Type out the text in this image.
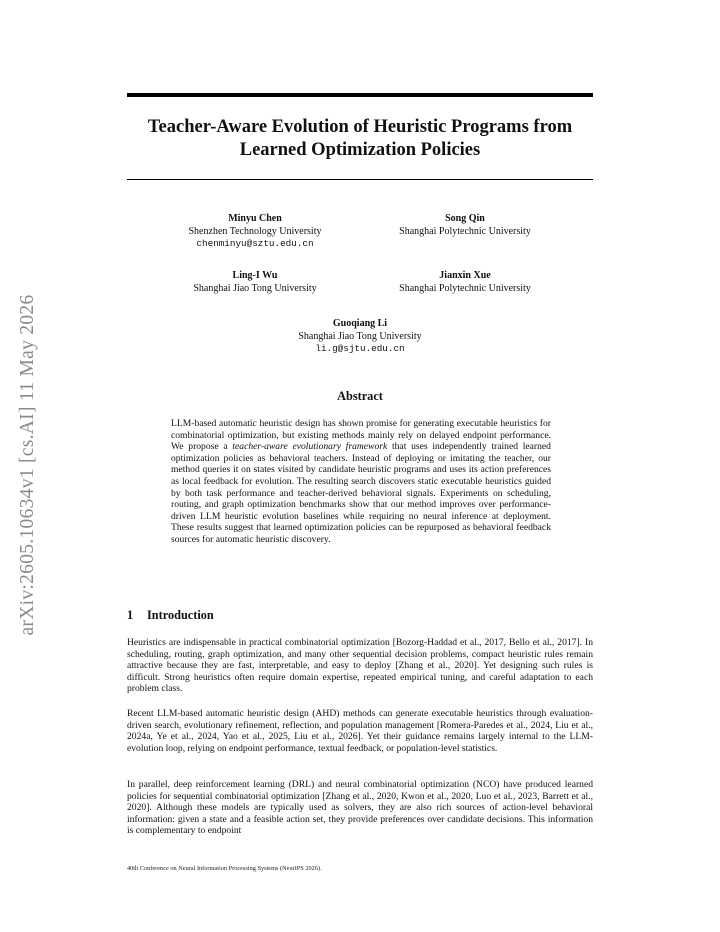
arXiv:2605.10634v1 [cs.AI] 11 May 2026
Teacher-Aware Evolution of Heuristic Programs from
Learned Optimization Policies
Minyu Chen
Shenzhen Technology University
chenminyu@sztu.edu.cn
Song Qin
Shanghai Polytechnic University
Ling-I Wu
Shanghai Jiao Tong University
Jianxin Xue
Shanghai Polytechnic University
Guoqiang Li
Shanghai Jiao Tong University
li.g@sjtu.edu.cn
Abstract

LLM-based automatic heuristic design has shown promise for generating executable heuristics for combinatorial optimization, but existing methods mainly rely on delayed endpoint performance. We propose a teacher-aware evolutionary framework that uses independently trained learned optimization policies as behavioral teachers. Instead of deploying or imitating the teacher, our method queries it on states visited by candidate heuristic programs and uses its action preferences as local feedback for evolution. The resulting search discovers static executable heuristics guided by both task performance and teacher-derived behavioral signals. Experiments on scheduling, routing, and graph optimization benchmarks show that our method improves over performance-driven LLM heuristic evolution baselines while requiring no neural inference at deployment. These results suggest that learned optimization policies can be repurposed as behavioral feedback sources for automatic heuristic discovery.

1 Introduction

Heuristics are indispensable in practical combinatorial optimization [Bozorg-Haddad et al., 2017, Bello et al., 2017]. In scheduling, routing, graph optimization, and many other sequential decision problems, compact heuristic rules remain attractive because they are fast, interpretable, and easy to deploy [Zhang et al., 2020]. Yet designing such rules is difficult. Strong heuristics often require domain expertise, repeated empirical tuning, and careful adaptation to each problem class.

Recent LLM-based automatic heuristic design (AHD) methods can generate executable heuristics through evaluation-driven search, evolutionary refinement, reflection, and population management [Romera-Paredes et al., 2024, Liu et al., 2024a, Ye et al., 2024, Yao et al., 2025, Liu et al., 2026]. Yet their guidance remains largely internal to the LLM-evolution loop, relying on endpoint performance, textual feedback, or population-level statistics.

In parallel, deep reinforcement learning (DRL) and neural combinatorial optimization (NCO) have produced learned policies for sequential combinatorial optimization [Zhang et al., 2020, Kwon et al., 2020, Luo et al., 2023, Barrett et al., 2020]. Although these models are typically used as solvers, they are also rich sources of action-level behavioral information: given a state and a feasible action set, they provide preferences over candidate decisions. This information is complementary to endpoint

40th Conference on Neural Information Processing Systems (NeurIPS 2026).
